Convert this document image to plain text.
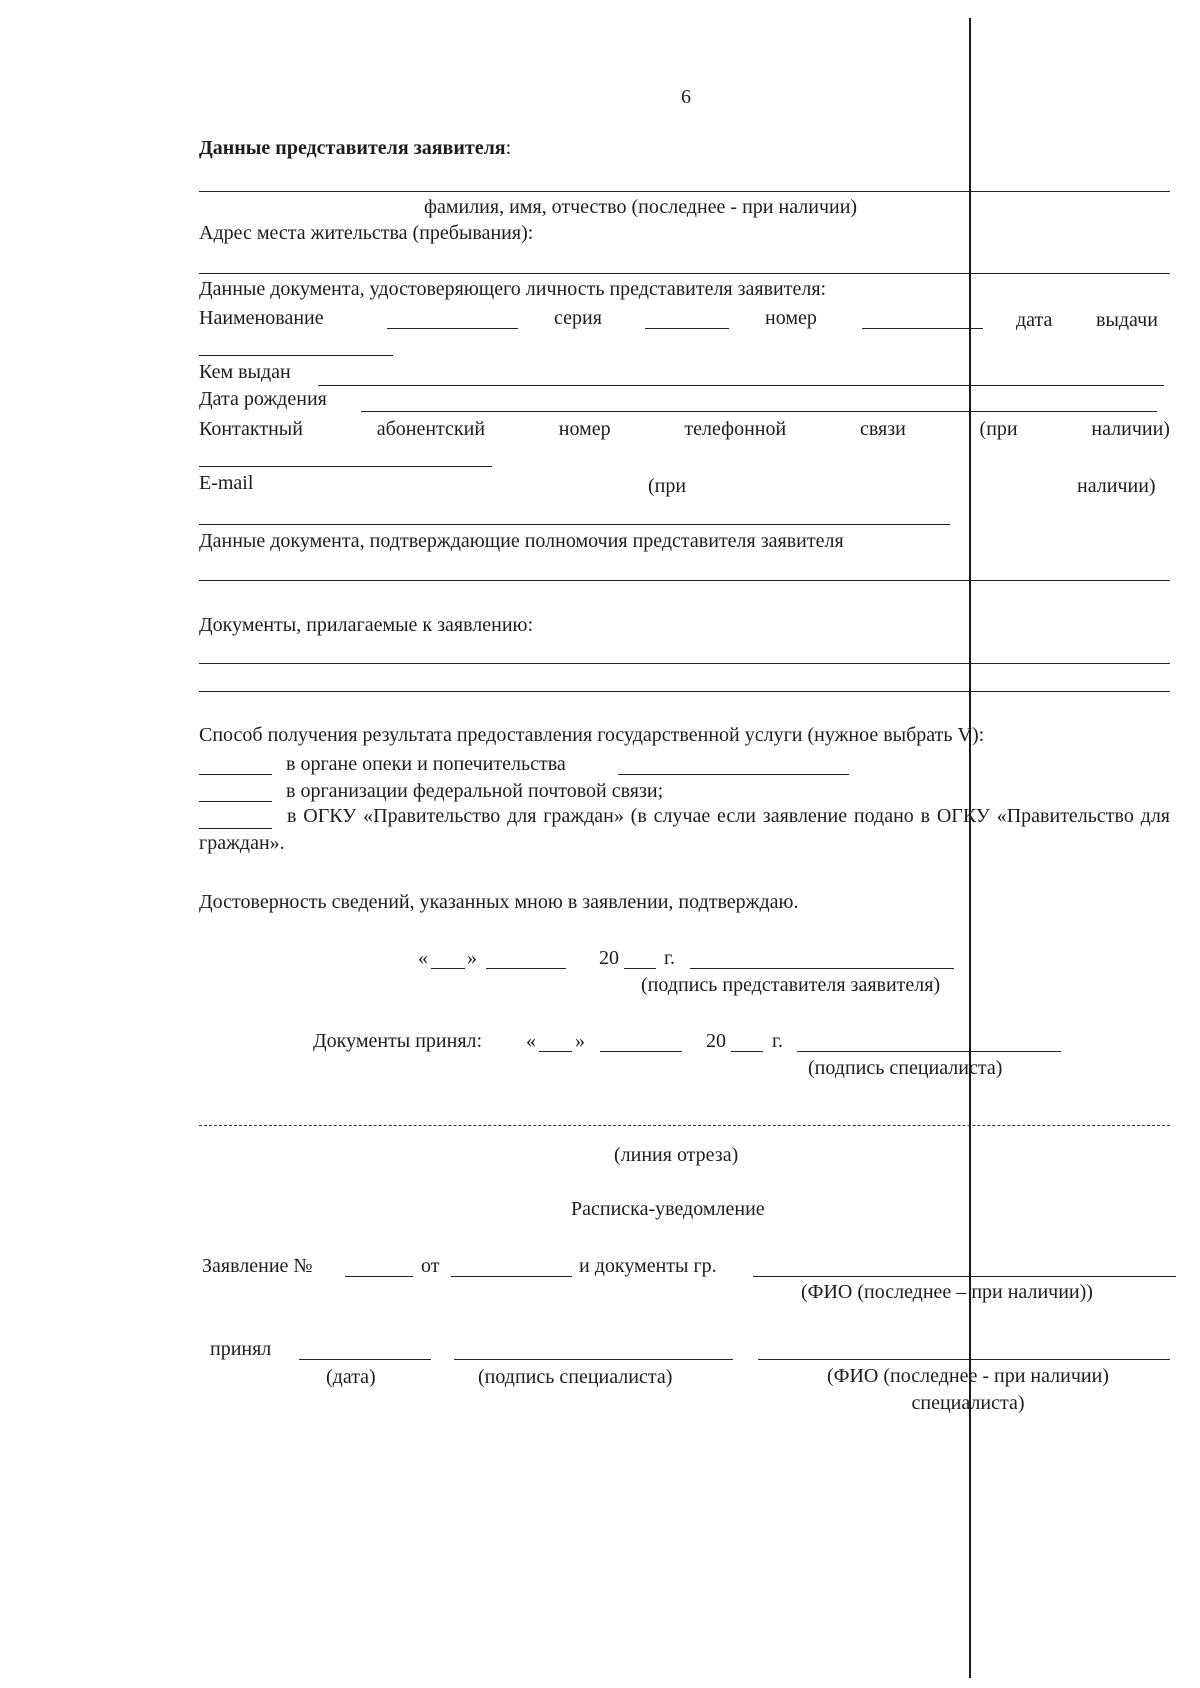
6
Данные представителя заявителя:
фамилия, имя, отчество (последнее - при наличии)
Адрес места жительства (пребывания):
Данные документа, удостоверяющего личность представителя заявителя:
Наименование	серия	номер	дата выдачи
Кем выдан
Дата рождения
Контактный	абонентский	номер	телефонной	связи	(при	наличии)
E-mail	(при	наличии)
Данные документа, подтверждающие полномочия представителя заявителя
Документы, прилагаемые к заявлению:
Способ получения результата предоставления государственной услуги (нужное выбрать V):
в органе опеки и попечительства
в организации федеральной почтовой связи;
в ОГКУ «Правительство для граждан» (в случае если заявление подано в ОГКУ «Правительство для граждан».
Достоверность сведений, указанных мною в заявлении, подтверждаю.
« »	20 г.
(подпись представителя заявителя)
Документы принял: « »	20 г.
(подпись специалиста)
(линия отреза)
Расписка-уведомление
Заявление №	от	и документы гр.
(ФИО (последнее – при наличии))
принял
(дата)	(подпись специалиста)	(ФИО (последнее - при наличии) специалиста)
